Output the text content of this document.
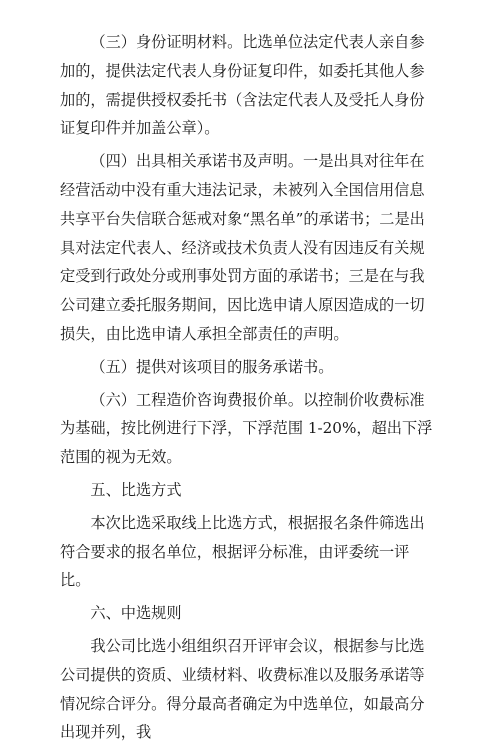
（三）身份证明材料。比选单位法定代表人亲自参加的，提供法定代表人身份证复印件，如委托其他人参加的，需提供授权委托书（含法定代表人及受托人身份证复印件并加盖公章）。

（四）出具相关承诺书及声明。一是出具对往年在经营活动中没有重大违法记录，未被列入全国信用信息共享平台失信联合惩戒对象“黑名单”的承诺书；二是出具对法定代表人、经济或技术负责人没有因违反有关规定受到行政处分或刑事处罚方面的承诺书；三是在与我公司建立委托服务期间，因比选申请人原因造成的一切损失，由比选申请人承担全部责任的声明。

（五）提供对该项目的服务承诺书。

（六）工程造价咨询费报价单。以控制价收费标准为基础，按比例进行下浮，下浮范围 1-20%，超出下浮范围的视为无效。

五、比选方式

本次比选采取线上比选方式，根据报名条件筛选出符合要求的报名单位，根据评分标准，由评委统一评比。

六、中选规则

我公司比选小组组织召开评审会议，根据参与比选公司提供的资质、业绩材料、收费标准以及服务承诺等情况综合评分。得分最高者确定为中选单位，如最高分出现并列，我
